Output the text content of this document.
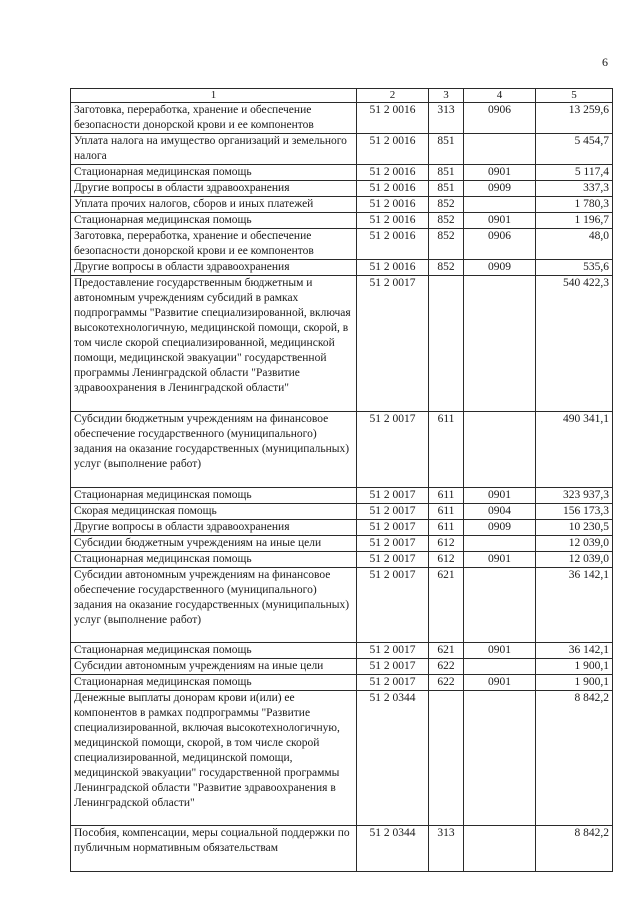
6
1	2	3	4	5
Заготовка, переработка, хранение и обеспечение безопасности донорской крови и ее компонентов	51 2 0016	313	0906	13 259,6
Уплата налога на имущество организаций и земельного налога	51 2 0016	851		5 454,7
Стационарная медицинская помощь	51 2 0016	851	0901	5 117,4
Другие вопросы в области здравоохранения	51 2 0016	851	0909	337,3
Уплата прочих налогов, сборов и иных платежей	51 2 0016	852		1 780,3
Стационарная медицинская помощь	51 2 0016	852	0901	1 196,7
Заготовка, переработка, хранение и обеспечение безопасности донорской крови и ее компонентов	51 2 0016	852	0906	48,0
Другие вопросы в области здравоохранения	51 2 0016	852	0909	535,6
Предоставление государственным бюджетным и автономным учреждениям субсидий в рамках подпрограммы "Развитие специализированной, включая высокотехнологичную, медицинской помощи, скорой, в том числе скорой специализированной, медицинской помощи, медицинской эвакуации" государственной программы Ленинградской области "Развитие здравоохранения в Ленинградской области"	51 2 0017			540 422,3
Субсидии бюджетным учреждениям на финансовое обеспечение государственного (муниципального) задания на оказание государственных (муниципальных) услуг (выполнение работ)	51 2 0017	611		490 341,1
Стационарная медицинская помощь	51 2 0017	611	0901	323 937,3
Скорая медицинская помощь	51 2 0017	611	0904	156 173,3
Другие вопросы в области здравоохранения	51 2 0017	611	0909	10 230,5
Субсидии бюджетным учреждениям на иные цели	51 2 0017	612		12 039,0
Стационарная медицинская помощь	51 2 0017	612	0901	12 039,0
Субсидии автономным учреждениям на финансовое обеспечение государственного (муниципального) задания на оказание государственных (муниципальных) услуг (выполнение работ)	51 2 0017	621		36 142,1
Стационарная медицинская помощь	51 2 0017	621	0901	36 142,1
Субсидии автономным учреждениям на иные цели	51 2 0017	622		1 900,1
Стационарная медицинская помощь	51 2 0017	622	0901	1 900,1
Денежные выплаты донорам крови и(или) ее компонентов в рамках подпрограммы "Развитие специализированной, включая высокотехнологичную, медицинской помощи, скорой, в том числе скорой специализированной, медицинской помощи, медицинской эвакуации" государственной программы Ленинградской области "Развитие здравоохранения в Ленинградской области"	51 2 0344			8 842,2
Пособия, компенсации, меры социальной поддержки по публичным нормативным обязательствам	51 2 0344	313		8 842,2
